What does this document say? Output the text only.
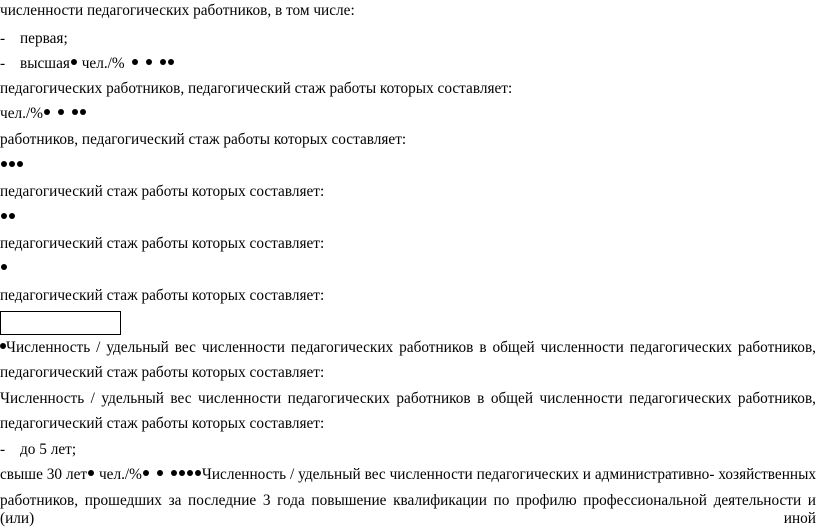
численности педагогических работников, в том числе:
- первая;
- высшая чел./%
педагогических работников, педагогический стаж работы которых составляет:
чел./%
работников, педагогический стаж работы которых составляет:
педагогический стаж работы которых составляет:
педагогический стаж работы которых составляет:
педагогический стаж работы которых составляет:
Численность / удельный вес численности педагогических работников в общей численности педагогических работников,
педагогический стаж работы которых составляет:
Численность / удельный вес численности педагогических работников в общей численности педагогических работников,
педагогический стаж работы которых составляет:
- до 5 лет;
свыше 30 лет чел./%	Численность / удельный вес численности педагогических и административно- хозяйственных
работников, прошедших за последние 3 года повышение квалификации по профилю профессиональной деятельности и (или) иной
